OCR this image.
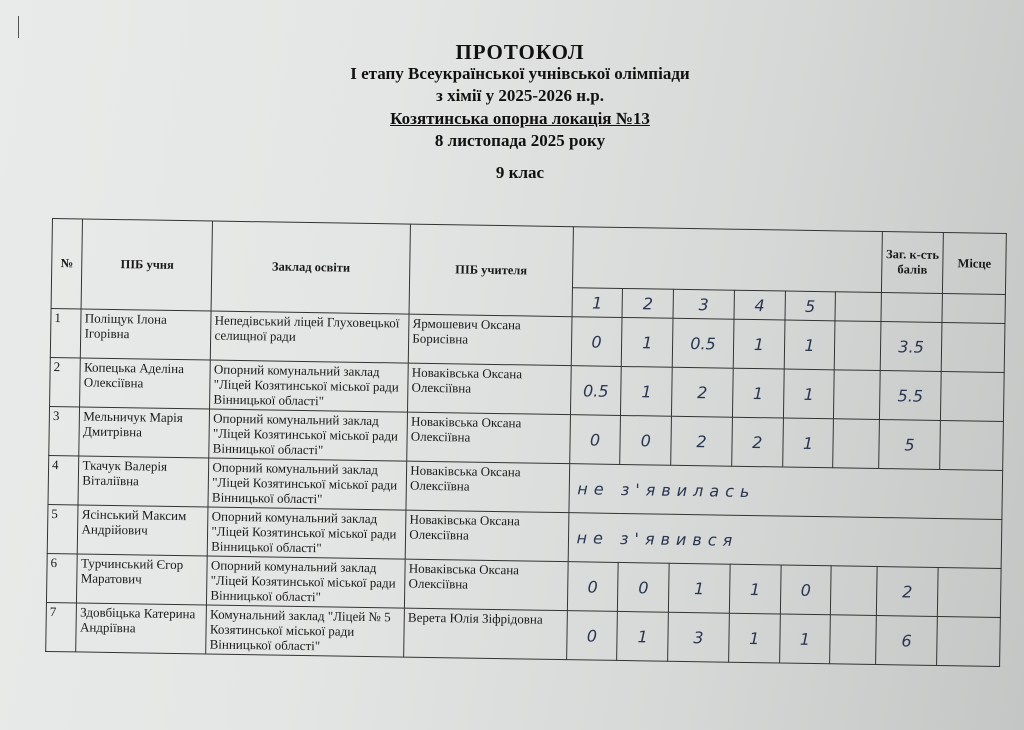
ПРОТОКОЛ
І етапу Всеукраїнської учнівської олімпіади
з хімії у 2025-2026 н.р.
Козятинська опорна локація №13
8 листопада 2025 року
9 клас
№	ПІБ учня	Заклад освіти	ПІБ учителя							Заг. к-сть балів	Місце
				1	2	3	4	5			
1	Поліщук Ілона Ігорівна	Непедівський ліцей Глуховецької селищної ради	Ярмошевич Оксана Борисівна	0	1	0.5	1	1		3.5	
2	Копецька Аделіна Олексіївна	Опорний комунальний заклад "Ліцей Козятинської міської ради Вінницької області"	Новаківська Оксана Олексіївна	0.5	1	2	1	1		5.5	
3	Мельничук Марія Дмитрівна	Опорний комунальний заклад "Ліцей Козятинської міської ради Вінницької області"	Новаківська Оксана Олексіївна	0	0	2	2	1		5	
4	Ткачук Валерія Віталіївна	Опорний комунальний заклад "Ліцей Козятинської міської ради Вінницької області"	Новаківська Оксана Олексіївна	не з'явилась							
5	Ясінський Максим Андрійович	Опорний комунальний заклад "Ліцей Козятинської міської ради Вінницької області"	Новаківська Оксана Олексіївна	не з'явився							
6	Турчинський Єгор Маратович	Опорний комунальний заклад "Ліцей Козятинської міської ради Вінницької області"	Новаківська Оксана Олексіївна	0	0	1	1	0		2	
7	Здовбіцька Катерина Андріївна	Комунальний заклад "Ліцей № 5 Козятинської міської ради Вінницької області"	Верета Юлія Зіфрідовна	0	1	3	1	1		6	
